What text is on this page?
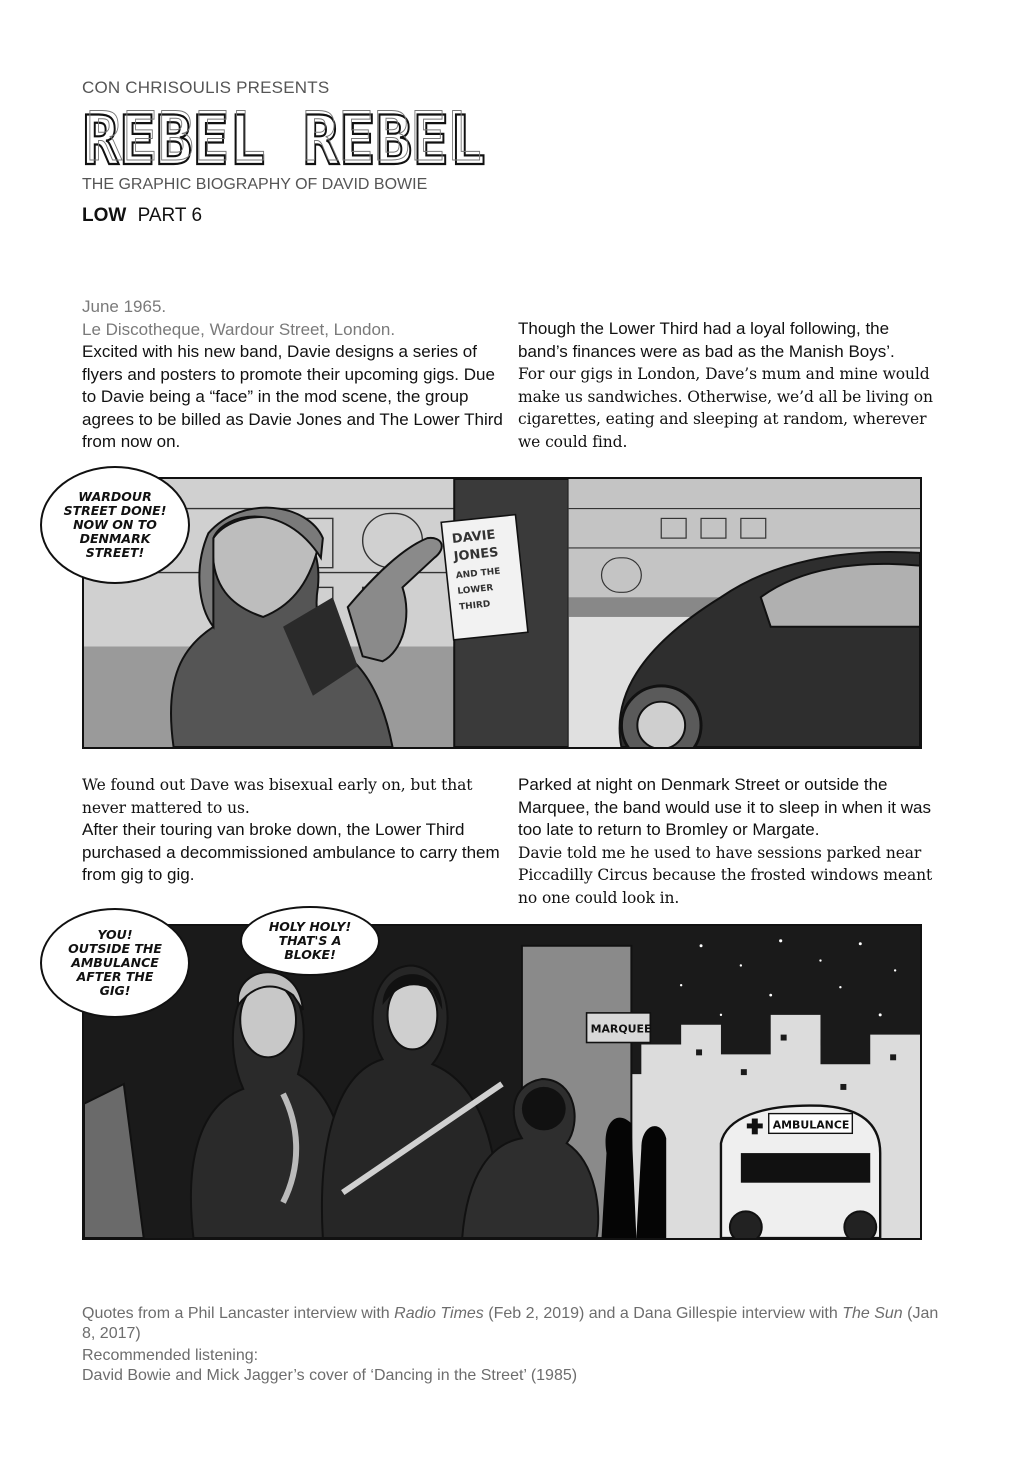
CON CHRISOULIS PRESENTS
REBEL REBEL
REBEL REBEL
THE GRAPHIC BIOGRAPHY OF DAVID BOWIE
LOW PART 6

June 1965.

Le Discotheque, Wardour Street, London.

Excited with his new band, Davie designs a series of flyers and posters to promote their upcoming gigs. Due to Davie being a “face” in the mod scene, the group agrees to be billed as Davie Jones and The Lower Third from now on.

Though the Lower Third had a loyal following, the band’s finances were as bad as the Manish Boys’.

For our gigs in London, Dave’s mum and mine would make us sandwiches. Otherwise, we’d all be living on cigarettes, eating and sleeping at random, wherever we could find.

DAVIE
JONES
AND THE
LOWER
THIRD
WARDOUR
STREET DONE!
NOW ON TO
DENMARK
STREET!

We found out Dave was bisexual early on, but that never mattered to us.

After their touring van broke down, the Lower Third purchased a decommissioned ambulance to carry them from gig to gig.

Parked at night on Denmark Street or outside the Marquee, the band would use it to sleep in when it was too late to return to Bromley or Margate.

Davie told me he used to have sessions parked near Piccadilly Circus because the frosted windows meant no one could look in.

MARQUEE
AMBULANCE
YOU!
OUTSIDE THE
AMBULANCE
AFTER THE
GIG!
HOLY HOLY!
THAT'S A
BLOKE!
Quotes from a Phil Lancaster interview with Radio Times (Feb 2, 2019) and a Dana Gillespie interview with The Sun (Jan 8, 2017)
Recommended listening:
David Bowie and Mick Jagger’s cover of ‘Dancing in the Street’ (1985)
